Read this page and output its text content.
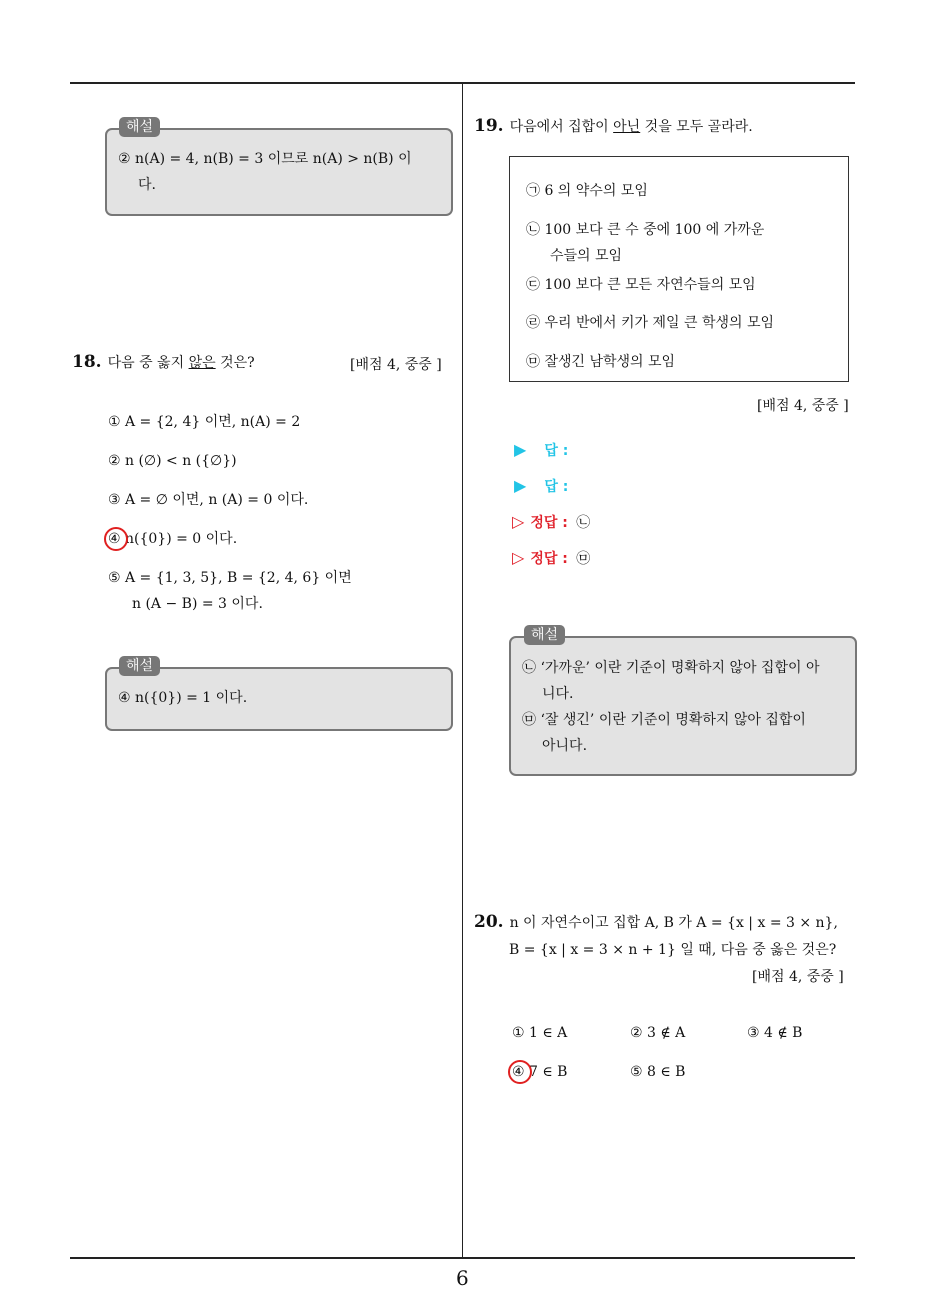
해설
② n(A) = 4, n(B) = 3 이므로 n(A) > n(B) 이
다.
18. 다음 중 옳지 않은 것은?	[배점 4, 중중 ]
① A = {2, 4} 이면, n(A) = 2
② n (∅) < n ({∅})
③ A = ∅ 이면, n (A) = 0 이다.
④ n({0}) = 0 이다.
⑤ A = {1, 3, 5}, B = {2, 4, 6} 이면
n (A − B) = 3 이다.
해설
④ n({0}) = 1 이다.
19. 다음에서 집합이 아닌 것을 모두 골라라.
㉠ 6 의 약수의 모임
㉡ 100 보다 큰 수 중에 100 에 가까운
수들의 모임
㉢ 100 보다 큰 모든 자연수들의 모임
㉣ 우리 반에서 키가 제일 큰 학생의 모임
㉤ 잘생긴 남학생의 모임
[배점 4, 중중 ]
▶ 답 :
▶ 답 :
▷ 정답 : ㉡
▷ 정답 : ㉤
해설
㉡ ‘가까운’ 이란 기준이 명확하지 않아 집합이 아
니다.
㉤ ‘잘 생긴’ 이란 기준이 명확하지 않아 집합이
아니다.
20. n 이 자연수이고 집합 A, B 가 A = {x | x = 3 × n},
B = {x | x = 3 × n + 1} 일 때, 다음 중 옳은 것은?
[배점 4, 중중 ]
① 1 ∈ A	② 3 ∉ A	③ 4 ∉ B
④ 7 ∈ B	⑤ 8 ∈ B
6
